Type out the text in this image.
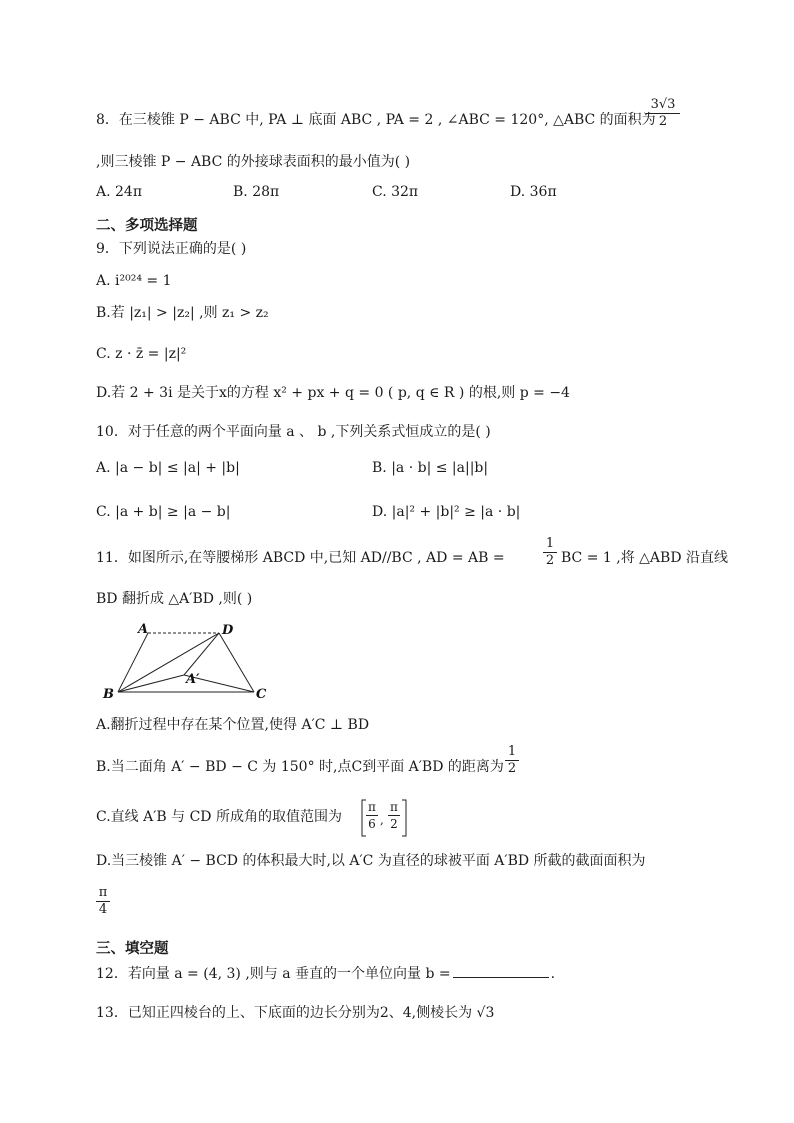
8．在三棱锥 P − ABC 中, PA ⊥ 底面 ABC , PA = 2 , ∠ABC = 120°, △ABC 的面积为
3√3
2
,则三棱锥 P − ABC 的外接球表面积的最小值为( )
A. 24π	B. 28π	C. 32π	D. 36π
二、多项选择题
9．下列说法正确的是( )
A. i²⁰²⁴ = 1
B.若 |z₁| > |z₂| ,则 z₁ > z₂
C. z · z̄ = |z|²
D.若 2 + 3i 是关于x的方程 x² + px + q = 0 ( p, q ∈ R ) 的根,则 p = −4
10．对于任意的两个平面向量 a 、 b ,下列关系式恒成立的是( )
A. |a − b| ≤ |a| + |b|	B. |a · b| ≤ |a||b|
C. |a + b| ≥ |a − b|	D. |a|² + |b|² ≥ |a · b|
11．如图所示,在等腰梯形 ABCD 中,已知 AD//BC , AD = AB =
1
2 BC = 1 ,将 △ABD 沿直线
BD 翻折成 △A′BD ,则( )
A	D
B	C
A′
A.翻折过程中存在某个位置,使得 A′C ⊥ BD
B.当二面角 A′ − BD − C 为 150° 时,点C到平面 A′BD 的距离为
1
2
C.直线 A′B 与 CD 所成角的取值范围为
π
6 ,
π
2
D.当三棱锥 A′ − BCD 的体积最大时,以 A′C 为直径的球被平面 A′BD 所截的截面面积为
π
4
三、填空题
12．若向量 a = (4, 3) ,则与 a 垂直的一个单位向量 b =	.
13．已知正四棱台的上、下底面的边长分别为2、4,侧棱长为 √3
